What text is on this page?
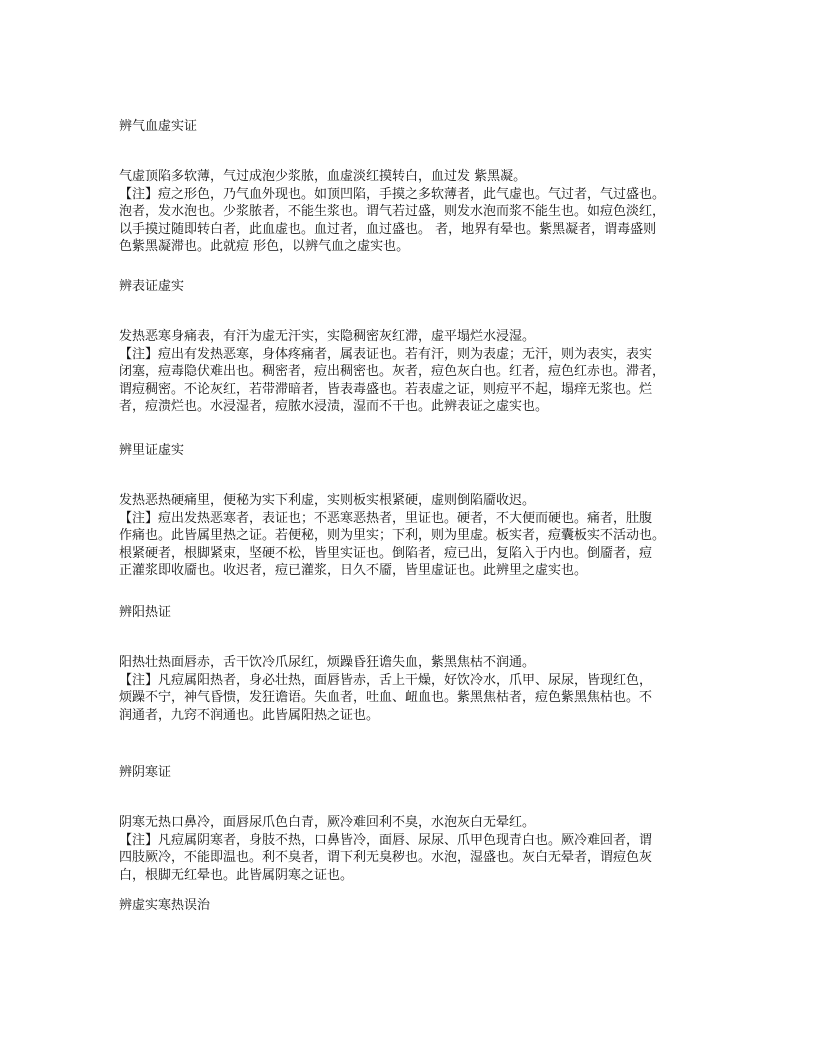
辨气血虚实证
气虚顶陷多软薄，气过成泡少浆脓，血虚淡红摸转白，血过发 紫黑凝。
【注】痘之形色，乃气血外现也。如顶凹陷，手摸之多软薄者，此气虚也。气过者，气过盛也。
泡者，发水泡也。少浆脓者，不能生浆也。谓气若过盛，则发水泡而浆不能生也。如痘色淡红，
以手摸过随即转白者，此血虚也。血过者，血过盛也。 者，地界有晕也。紫黑凝者，谓毒盛则
色紫黑凝滞也。此就痘 形色，以辨气血之虚实也。
辨表证虚实
发热恶寒身痛表，有汗为虚无汗实，实隐稠密灰红滞，虚平塌烂水浸湿。
【注】痘出有发热恶寒，身体疼痛者，属表证也。若有汗，则为表虚；无汗，则为表实，表实
闭塞，痘毒隐伏难出也。稠密者，痘出稠密也。灰者，痘色灰白也。红者，痘色红赤也。滞者，
谓痘稠密。不论灰红，若带滞暗者，皆表毒盛也。若表虚之证，则痘平不起，塌痒无浆也。烂
者，痘溃烂也。水浸湿者，痘脓水浸渍，湿而不干也。此辨表证之虚实也。
辨里证虚实
发热恶热硬痛里，便秘为实下利虚，实则板实根紧硬，虚则倒陷靥收迟。
【注】痘出发热恶寒者，表证也；不恶寒恶热者，里证也。硬者，不大便而硬也。痛者，肚腹
作痛也。此皆属里热之证。若便秘，则为里实；下利，则为里虚。板实者，痘囊板实不活动也。
根紧硬者，根脚紧束，坚硬不松，皆里实证也。倒陷者，痘已出，复陷入于内也。倒靥者，痘
正灌浆即收靥也。收迟者，痘已灌浆，日久不靥，皆里虚证也。此辨里之虚实也。
辨阳热证
阳热壮热面唇赤，舌干饮冷爪尿红，烦躁昏狂谵失血，紫黑焦枯不润通。
【注】凡痘属阳热者，身必壮热，面唇皆赤，舌上干燥，好饮冷水，爪甲、尿尿，皆现红色，
烦躁不宁，神气昏愦，发狂谵语。失血者，吐血、衄血也。紫黑焦枯者，痘色紫黑焦枯也。不
润通者，九窍不润通也。此皆属阳热之证也。
辨阴寒证
阴寒无热口鼻冷，面唇尿爪色白青，厥冷难回利不臭，水泡灰白无晕红。
【注】凡痘属阴寒者，身肢不热，口鼻皆冷，面唇、尿尿、爪甲色现青白也。厥冷难回者，谓
四肢厥冷，不能即温也。利不臭者，谓下利无臭秽也。水泡，湿盛也。灰白无晕者，谓痘色灰
白，根脚无红晕也。此皆属阴寒之证也。
辨虚实寒热误治
